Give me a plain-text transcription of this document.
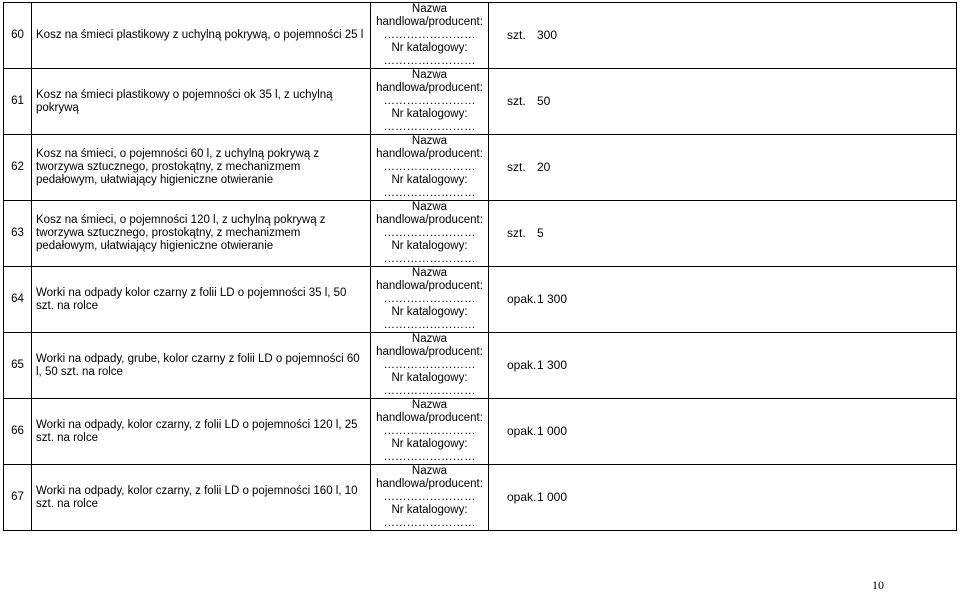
60	Kosz na śmieci plastikowy z uchylną pokrywą, o pojemności 25 l	Nazwa
handlowa/producent:
……………………
Nr katalogowy:
……………………	szt. 300
61	Kosz na śmieci plastikowy o pojemności ok 35 l, z uchylną pokrywą	Nazwa
handlowa/producent:
……………………
Nr katalogowy:
……………………	szt. 50
62	Kosz na śmieci, o pojemności 60 l, z uchylną pokrywą z tworzywa sztucznego, prostokątny, z mechanizmem pedałowym, ułatwiający higieniczne otwieranie	Nazwa
handlowa/producent:
……………………
Nr katalogowy:
……………………	szt. 20
63	Kosz na śmieci, o pojemności 120 l, z uchylną pokrywą z tworzywa sztucznego, prostokątny, z mechanizmem pedałowym, ułatwiający higieniczne otwieranie	Nazwa
handlowa/producent:
……………………
Nr katalogowy:
……………………	szt. 5
64	Worki na odpady kolor czarny z folii LD o pojemności 35 l, 50 szt. na rolce	Nazwa
handlowa/producent:
……………………
Nr katalogowy:
……………………	opak.1 300
65	Worki na odpady, grube, kolor czarny z folii LD o pojemności 60 l, 50 szt. na rolce	Nazwa
handlowa/producent:
……………………
Nr katalogowy:
……………………	opak.1 300
66	Worki na odpady, kolor czarny, z folii LD o pojemności 120 l, 25 szt. na rolce	Nazwa
handlowa/producent:
……………………
Nr katalogowy:
……………………	opak.1 000
67	Worki na odpady, kolor czarny, z folii LD o pojemności 160 l, 10 szt. na rolce	Nazwa
handlowa/producent:
……………………
Nr katalogowy:
……………………	opak.1 000
10
